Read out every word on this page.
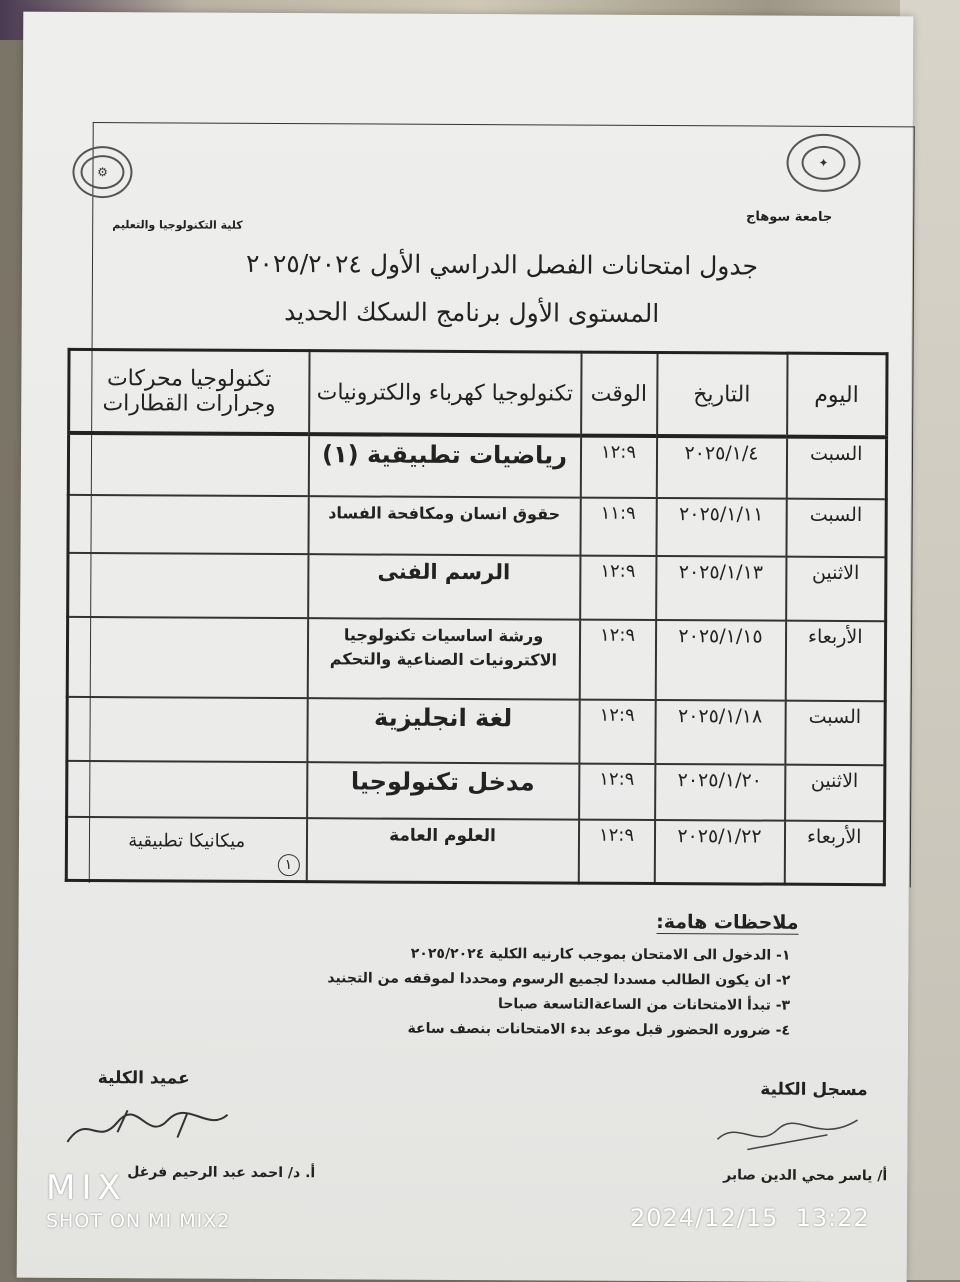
✦
⚙
جامعة سوهاج
كلية التكنولوجيا والتعليم
جدول امتحانات الفصل الدراسي الأول ٢٠٢٥/٢٠٢٤
المستوى الأول برنامج السكك الحديد
اليوم	التاريخ	الوقت	تكنولوجيا كهرباء والكترونيات	تكنولوجيا محركات وجرارات القطارات
السبت	٢٠٢٥/١/٤	١٢:٩	رياضيات تطبيقية (١)	
السبت	٢٠٢٥/١/١١	١١:٩	حقوق انسان ومكافحة الفساد	
الاثنين	٢٠٢٥/١/١٣	١٢:٩	الرسم الفنى	
الأربعاء	٢٠٢٥/١/١٥	١٢:٩	ورشة اساسيات تكنولوجيا الاكترونيات الصناعية والتحكم	
السبت	٢٠٢٥/١/١٨	١٢:٩	لغة انجليزية	
الاثنين	٢٠٢٥/١/٢٠	١٢:٩	مدخل تكنولوجيا	
الأربعاء	٢٠٢٥/١/٢٢	١٢:٩	العلوم العامة	ميكانيكا تطبيقية
١
ملاحظات هامة:
١- الدخول الى الامتحان بموجب كارنيه الكلية ٢٠٢٥/٢٠٢٤
٢- ان يكون الطالب مسددا لجميع الرسوم ومحددا لموقفه من التجنيد
٣- تبدأ الامتحانات من الساعةالتاسعة صباحا
٤- ضروره الحضور قبل موعد بدء الامتحانات بنصف ساعة
عميد الكلية
مسجل الكلية
أ. د/ احمد عبد الرحيم فرغل	أ/ ياسر محي الدين صابر
MIX
SHOT ON MI MIX2	2024/12/15  13:22
